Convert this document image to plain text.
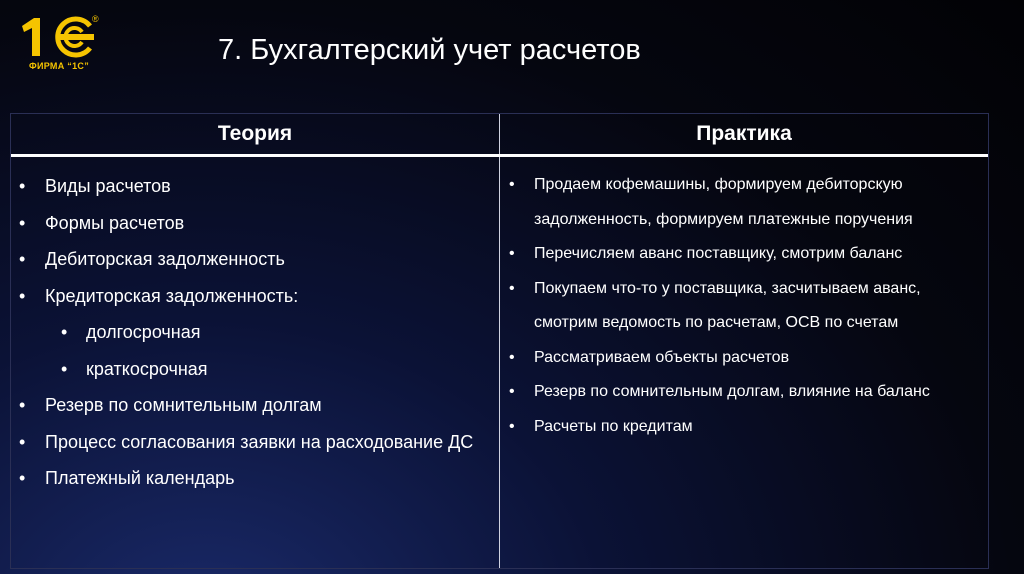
®
ФИРМА “1С”	7. Бухгалтерский учет расчетов
Теория	Практика
• Виды расчетов
• Формы расчетов
• Дебиторская задолженность
• Кредиторская задолженность:
• долгосрочная
• краткосрочная
• Резерв по сомнительным долгам
• Процесс согласования заявки на расходование ДС
• Платежный календарь
• Продаем кофемашины, формируем дебиторскую задолженность, формируем платежные поручения
• Перечисляем аванс поставщику, смотрим баланс
• Покупаем что-то у поставщика, засчитываем аванс, смотрим ведомость по расчетам, ОСВ по счетам
• Рассматриваем объекты расчетов
• Резерв по сомнительным долгам, влияние на баланс
• Расчеты по кредитам
